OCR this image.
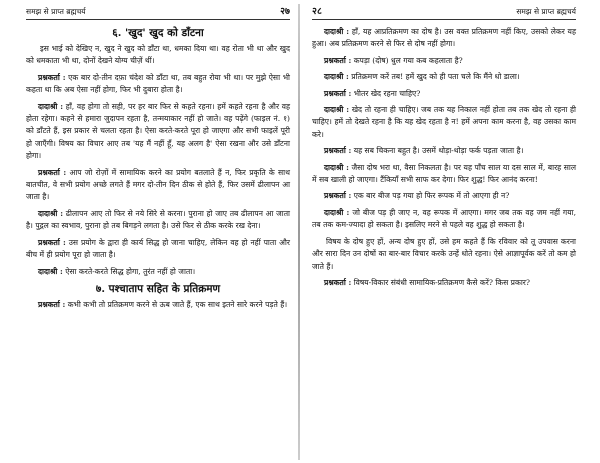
समझ से प्राप्त ब्रह्मचर्य	२७
६. 'खुद' खुद को डाँटना

इस भाई को देखिए न, खुद ने खुद को डाँटा था, धमका दिया था। वह रोता भी था और खुद को धमकाता भी था, दोनों देखने योग्य चीज़ें थीं।

प्रश्नकर्ता : एक बार दो-तीन दफ़ा चंदेश को डाँटा था, तब बहुत रोया भी था। पर मुझे ऐसा भी कहता था कि अब ऐसा नहीं होगा, फिर भी दुबारा होता है।

दादाश्री : हाँ, वह होगा तो सही, पर हर बार फिर से कहते रहना। हमें कहते रहना है और वह होता रहेगा। कहने से हमारा जुदापन रहता है, तन्मयाकार नहीं हो जाते। वह पढ़ेंगे (फाइल नं. १) को डाँटते हैं, इस प्रकार से चलता रहता है। ऐसा करते-करते पूरा हो जाएगा और सभी फाइलें पूरी हो जाएँगी। विषय का विचार आए तब 'यह मैं नहीं हूँ, यह अलग है' ऐसा रखना और उसे डाँटना होगा।

प्रश्नकर्ता : आप जो रोज़ों में सामायिक करने का प्रयोग बतलाते हैं न, फिर प्रकृति के साथ बातचीत, वे सभी प्रयोग अच्छे लगते हैं मगर दो-तीन दिन ठीक से होते हैं, फिर उसमें ढीलापन आ जाता है।

दादाश्री : ढीलापन आए तो फिर से नये सिरे से करना। पुराना हो जाए तब ढीलापन आ जाता है। पुद्गल का स्वभाव, पुराना हो तब बिगड़ने लगता है। उसे फिर से ठीक करके रख देना।

प्रश्नकर्ता : उस प्रयोग के द्वारा ही कार्य सिद्ध हो जाना चाहिए, लेकिन वह हो नहीं पाता और बीच में ही प्रयोग पूरा हो जाता है।

दादाश्री : ऐसा करते-करते सिद्ध होगा, तुरंत नहीं हो जाता।

७. पश्चाताप सहित के प्रतिक्रमण

प्रश्नकर्ता : कभी कभी तो प्रतिक्रमण करने से ऊब जाते हैं, एक साथ इतने सारे करने पड़ते हैं।

२८	समझ से प्राप्त ब्रह्मचर्य

दादाश्री : हाँ, यह आप्रतिक्रमण का दोष है। उस वक्त प्रतिक्रमण नहीं किए, उसको लेकर यह हुआ। अब प्रतिक्रमण करने से फिर से दोष नहीं होगा।

प्रश्नकर्ता : कपड़ा (दोष) धुल गया कब कहलाता है?

दादाश्री : प्रतिक्रमण करें तब! हमें खुद को ही पता चले कि मैंने धो डाला।

प्रश्नकर्ता : भीतर खेद रहना चाहिए?

दादाश्री : खेद तो रहना ही चाहिए। जब तक यह निकाल नहीं होता तब तक खेद तो रहना ही चाहिए। हमें तो देखते रहना है कि यह खेद रहता है न! हमें अपना काम करना है, वह उसका काम करे।

प्रश्नकर्ता : यह सब चिकना बहुत है। उसमें थोड़ा-थोड़ा फर्क पड़ता जाता है।

दादाश्री : जैसा दोष भरा था, वैसा निकलता है। पर यह पाँच साल या दस साल में, बारह साल में सब खाली हो जाएगा। टैंकियाँ सभी साफ कर देगा। फिर शुद्ध! फिर आनंद करना!

प्रश्नकर्ता : एक बार बीज पड़ गया हो फिर रूपक में तो आएगा ही न?

दादाश्री : जो बीज पड़ ही जाए न, वह रूपक में आएगा। मगर जब तक वह जम नहीं गया, तब तक कम-ज्यादा हो सकता है। इसलिए मरने से पहले वह शुद्ध हो सकता है।

विषय के दोष हुए हों, अन्य दोष हुए हों, उसे हम कहते हैं कि रविवार को तू उपवास करना और सारा दिन उन दोषों का बार-बार विचार करके उन्हें धोते रहना। ऐसे आज्ञापूर्वक करें तो कम हो जाते हैं।

प्रश्नकर्ता : विषय-विकार संबंधी सामायिक-प्रतिक्रमण कैसे करें? किस प्रकार?
